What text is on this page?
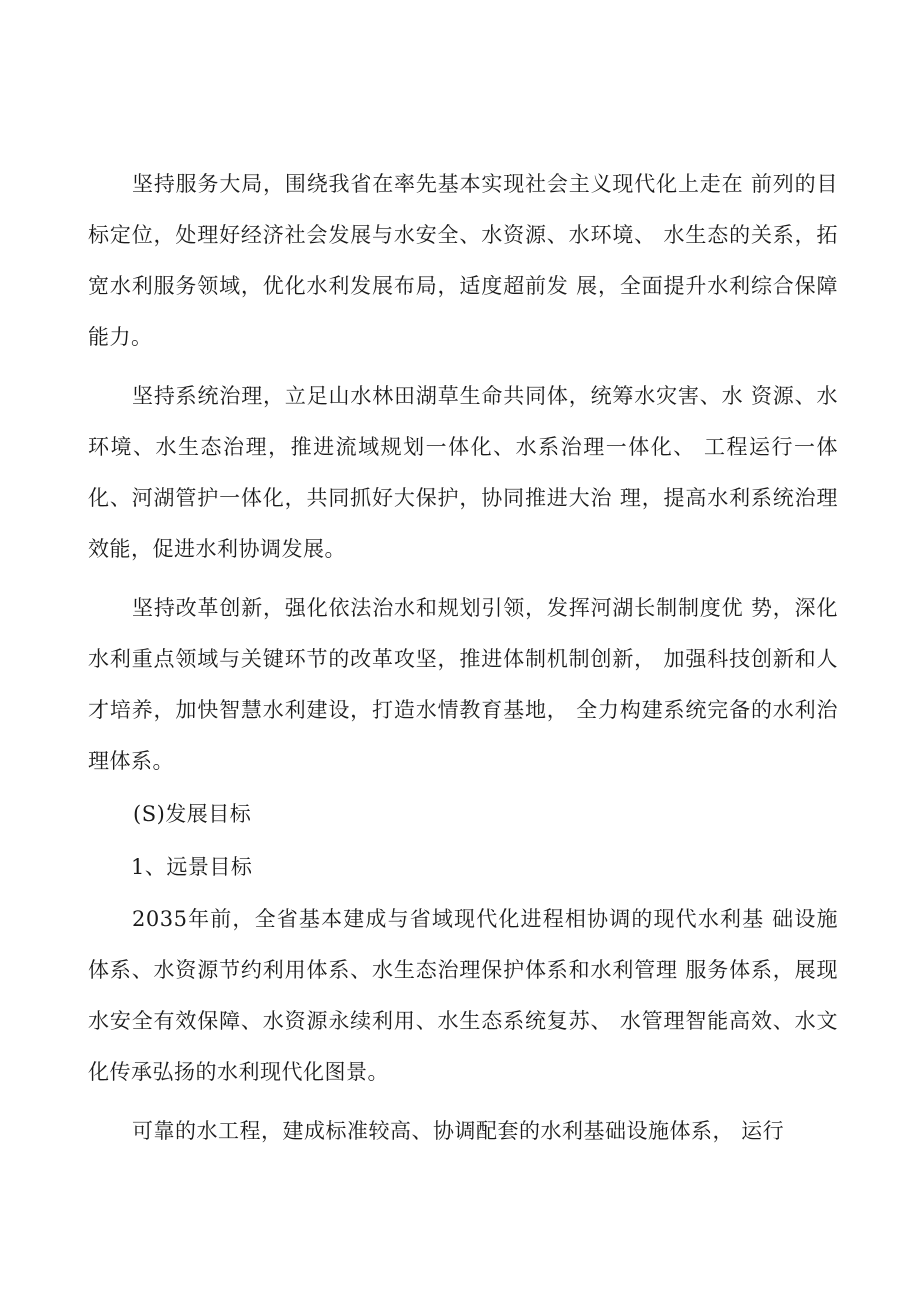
坚持服务大局，围绕我省在率先基本实现社会主义现代化上走在 前列的目标定位，处理好经济社会发展与水安全、水资源、水环境、 水生态的关系，拓宽水利服务领域，优化水利发展布局，适度超前发 展，全面提升水利综合保障能力。

坚持系统治理，立足山水林田湖草生命共同体，统筹水灾害、水 资源、水环境、水生态治理，推进流域规划一体化、水系治理一体化、 工程运行一体化、河湖管护一体化，共同抓好大保护，协同推进大治 理，提高水利系统治理效能，促进水利协调发展。

坚持改革创新，强化依法治水和规划引领，发挥河湖长制制度优 势，深化水利重点领域与关键环节的改革攻坚，推进体制机制创新， 加强科技创新和人才培养，加快智慧水利建设，打造水情教育基地， 全力构建系统完备的水利治理体系。

(S)发展目标

1、远景目标

2035年前，全省基本建成与省域现代化进程相协调的现代水利基 础设施体系、水资源节约利用体系、水生态治理保护体系和水利管理 服务体系，展现水安全有效保障、水资源永续利用、水生态系统复苏、 水管理智能高效、水文化传承弘扬的水利现代化图景。

可靠的水工程，建成标准较高、协调配套的水利基础设施体系， 运行
